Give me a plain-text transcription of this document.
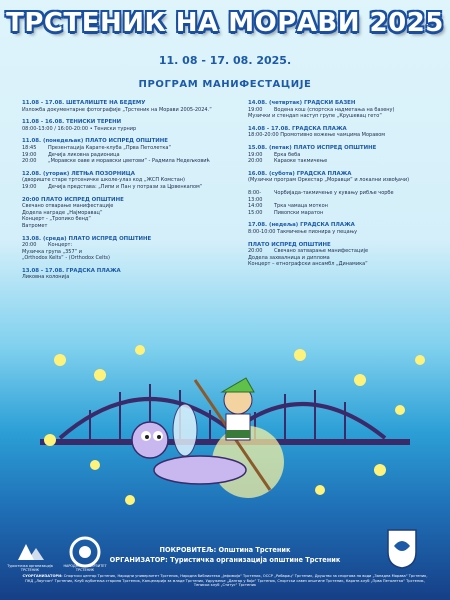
ТРСТЕНИК НА МОРАВИ 2025
11. 08 - 17. 08. 2025.
ПРОГРАМ МАНИФЕСТАЦИЈЕ
11.08 - 17.08. ШЕТАЛИШТЕ НА БЕДЕМУ
Изложба документарне фотографије „Трстеник на Морави 2005-2024.“
11.08 - 16.08. ТЕНИСКИ ТЕРЕНИ
08:00-13:00 / 16:00-20:00 • Тениски турнир
11.08. (понедељак) ПЛАТО ИСПРЕД ОПШТИНЕ
18:45	Презентација Карате-клуба „Прва Петолетка“
19:00	Дечија ликовна радионица
20:00	„Моравске оаве и моравски цветови“ - Радмила Недељковић
12.08. (уторак) ЛЕТЊА ПОЗОРНИЦА
(двориште старе тртсеничке школе-улаз код „ЖСП Комстан)
19:00	Дечија представа: „Пипи и Пан у потрази за Црвенкапом“
20:00 ПЛАТО ИСПРЕД ОПШТИНЕ
Свечано отварање манифестације
Додела награде „Најморавац“
Концерт - „Тропико бенд“
Ватромет
13.08. (среда) ПЛАТО ИСПРЕД ОПШТИНЕ
20:00	Концерт:
Музичка група „357“ и
„Orthodox Kelts“ - (Orthodox Celts)
13.08 - 17.08. ГРАДСКА ПЛАЖА
Ликовна колонија
14.08. (четвртак) ГРАДСКИ БАЗЕН
19:00	Водена кош (спортска надметања на базену)
Музички и стендап наступ групе „Крушевац гето“
14.08 - 17.08. ГРАДСКА ПЛАЖА
18:00-20:00 Промотивно вожење чамцима Моравом
15.08. (петак) ПЛАТО ИСПРЕД ОПШТИНЕ
19:00	Ерка беба
20:00	Караоке такмичење
16.08. (субота) ГРАДСКА ПЛАЖА
(Музички програм Оркестар „Моравци“ и локални извођачи)
8:00-13:00
Чорбијада-такмичење у кувању рибље чорбе
14:00	Трка чамаца моткон
15:00	Пивопски маратон
17.08. (недеља) ГРАДСКА ПЛАЖА
8:00-10:00 Такмичење пионира у пецању
ПЛАТО ИСПРЕД ОПШТИНЕ
20:00	Свечано затварање манифестације
Додела захвалница и диплома
Концерт – етнографски ансамбл „Динамика“
Туристичка организација ТРСТЕНИК
НАРОДНИ УНИВЕРЗИТЕТ ТРСТЕНИК
ПОКРОВИТЕЉ: Општина Трстеник
ОРГАНИЗАТОР: Туристичка организација општине Трстеник
СУОРГАНИЗАТОРИ: Спортски центар Трстеник, Народни универзитет Трстеник, Народна библиотека „Јефимија“ Трстеник, ОССР „Рибарац“ Трстеник, Друштво за спортова на води „Западна Морава“ Трстеник, ПКД „Лаугсон“ Трстеник, Клуб љубитеља старина Трстеник, Канцеларија за младе Трстеник, Удружење „Дангар у боји“ Трстеник, Спортски савез општине Трстеник, Карате-клуб „Прва Петолетка“ Трстеник, Тениски клуб „Статус“ Трстеник
